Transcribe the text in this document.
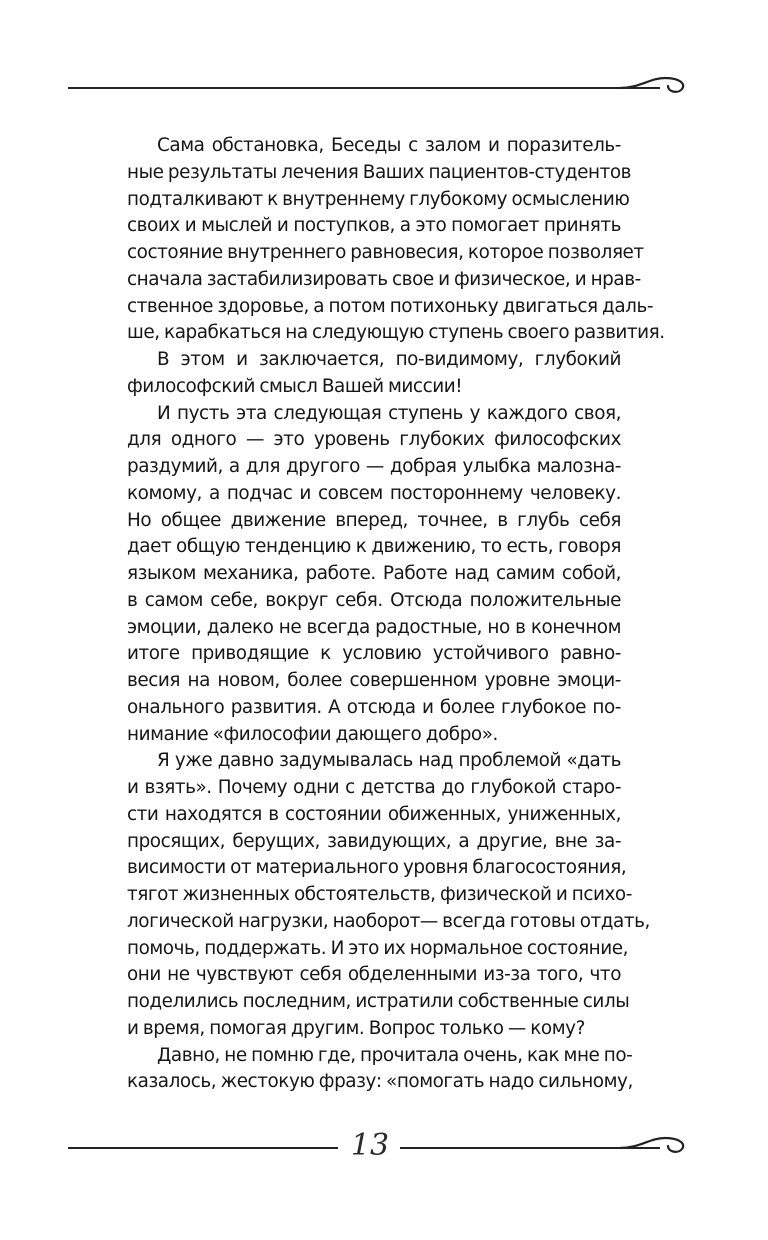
Сама обстановка, Беседы с залом и поразитель-
ные результаты лечения Ваших пациентов-студентов
подталкивают к внутреннему глубокому осмыслению
своих и мыслей и поступков, а это помогает принять
состояние внутреннего равновесия, которое позволяет
сначала застабилизировать свое и физическое, и нрав-
ственное здоровье, а потом потихоньку двигаться даль-
ше, карабкаться на следующую ступень своего развития.
В этом и заключается, по-видимому, глубокий
философский смысл Вашей миссии!
И пусть эта следующая ступень у каждого своя,
для одного — это уровень глубоких философских
раздумий, а для другого — добрая улыбка малозна-
комому, а подчас и совсем постороннему человеку.
Но общее движение вперед, точнее, в глубь себя
дает общую тенденцию к движению, то есть, говоря
языком механика, работе. Работе над самим собой,
в самом себе, вокруг себя. Отсюда положительные
эмоции, далеко не всегда радостные, но в конечном
итоге приводящие к условию устойчивого равно-
весия на новом, более совершенном уровне эмоци-
онального развития. А отсюда и более глубокое по-
нимание «философии дающего добро».
Я уже давно задумывалась над проблемой «дать
и взять». Почему одни с детства до глубокой старо-
сти находятся в состоянии обиженных, униженных,
просящих, берущих, завидующих, а другие, вне за-
висимости от материального уровня благосостояния,
тягот жизненных обстоятельств, физической и психо-
логической нагрузки, наоборот— всегда готовы отдать,
помочь, поддержать. И это их нормальное состояние,
они не чувствуют себя обделенными из-за того, что
поделились последним, истратили собственные силы
и время, помогая другим. Вопрос только — кому?
Давно, не помню где, прочитала очень, как мне по-
казалось, жестокую фразу: «помогать надо сильному,
13
